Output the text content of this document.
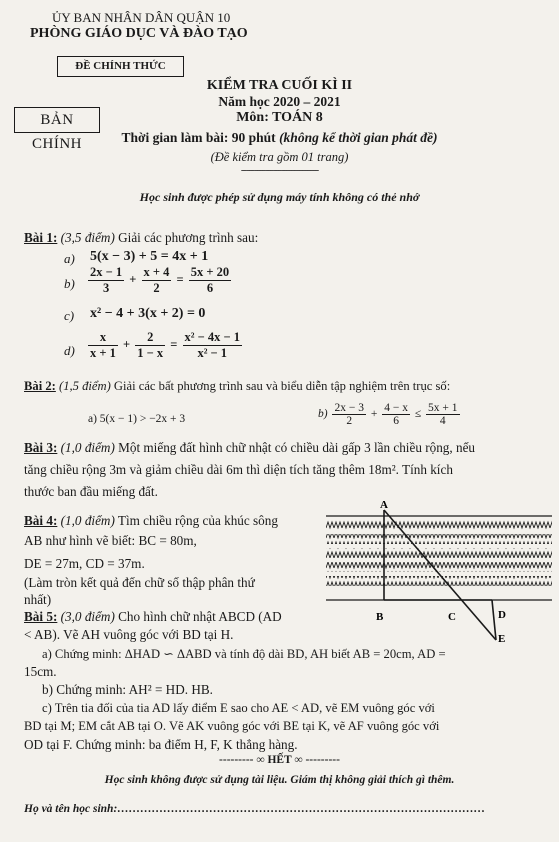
ỦY BAN NHÂN DÂN QUẬN 10
PHÒNG GIÁO DỤC VÀ ĐÀO TẠO
ĐỀ CHÍNH THỨC
BẢN CHÍNH
KIỂM TRA CUỐI KÌ II
Năm học 2020 – 2021
Môn: TOÁN 8
Thời gian làm bài: 90 phút (không kể thời gian phát đề)
(Đề kiểm tra gồm 01 trang)
-----------------------------
Học sinh được phép sử dụng máy tính không có thẻ nhớ
Bài 1: (3,5 điểm) Giải các phương trình sau:
a) 5(x − 3) + 5 = 4x + 1
$b) \frac{2x - 1}{3} + \frac{x + 4}{2} = \frac{5x + 20}{6}$
c) x² − 4 + 3(x + 2) = 0
$d) \frac{x}{x + 1} + \frac{2}{1 - x} = \frac{\text{x² − 4x − 1}}{\text{x² − 1}}$
Bài 2: (1,5 điểm) Giải các bất phương trình sau và biểu diễn tập nghiệm trên trục số:
a) 5(x − 1) > −2x + 3	$b) \frac{2x - 3}{2} + \frac{4 - x}{6} \le \frac{5x + 1}{4}$
Bài 3: (1,0 điểm) Một miếng đất hình chữ nhật có chiều dài gấp 3 lần chiều rộng, nếu
tăng chiều rộng 3m và giảm chiều dài 6m thì diện tích tăng thêm 18m². Tính kích
thước ban đầu miếng đất.
Bài 4: (1,0 điểm) Tìm chiều rộng của khúc sông
AB như hình vẽ biết: BC = 80m,
DE = 27m, CD = 37m.
(Làm tròn kết quả đến chữ số thập phân thứ
nhất)
A
B	C	D
E
Bài 5: (3,0 điểm) Cho hình chữ nhật ABCD (AD
< AB). Vẽ AH vuông góc với BD tại H.
a) Chứng minh: ΔHAD ∽ ΔABD và tính độ dài BD, AH biết AB = 20cm, AD =
15cm.
b) Chứng minh: AH² = HD. HB.
c) Trên tia đối của tia AD lấy điểm E sao cho AE < AD, vẽ EM vuông góc với
BD tại M; EM cắt AB tại O. Vẽ AK vuông góc với BE tại K, vẽ AF vuông góc với
OD tại F. Chứng minh: ba điểm H, F, K thẳng hàng.
--------- ∞ HẾT ∞ ---------
Học sinh không được sử dụng tài liệu. Giám thị không giải thích gì thêm.
Họ và tên học sinh:……………………………………………………………………………………
